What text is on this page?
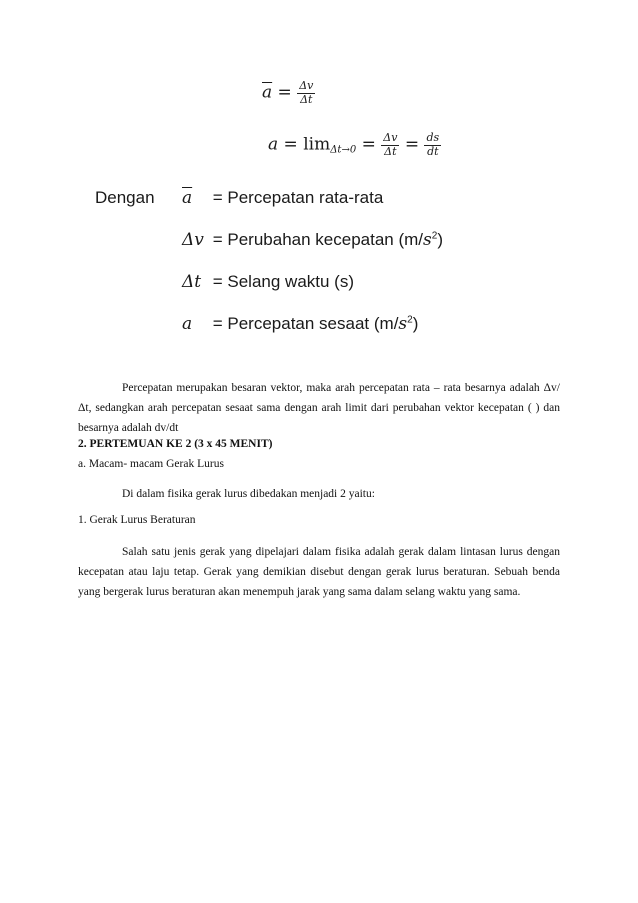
$\overline{a} = \frac{\Delta v}{\Delta t}$
$a = \lim\Delta t\to 0 = \frac{\Delta v}{\Delta t} = \frac{ds}{dt}$
Dengan $\overline{a}$ = Percepatan rata-rata
Δv = Perubahan kecepatan $(m/s^2)$
Δt = Selang waktu (s)
a = Percepatan sesaat $(m/s^2)$
Percepatan merupakan besaran vektor, maka arah percepatan rata – rata besarnya adalah Δv/Δt, sedangkan arah percepatan sesaat sama dengan arah limit dari perubahan vektor kecepatan ( ) dan besarnya adalah dv/dt
2. PERTEMUAN KE 2 (3 x 45 MENIT)
a. Macam- macam Gerak Lurus
Di dalam fisika gerak lurus dibedakan menjadi 2 yaitu:
1. Gerak Lurus Beraturan
Salah satu jenis gerak yang dipelajari dalam fisika adalah gerak dalam lintasan lurus dengan kecepatan atau laju tetap. Gerak yang demikian disebut dengan gerak lurus beraturan. Sebuah benda yang bergerak lurus beraturan akan menempuh jarak yang sama dalam selang waktu yang sama.
